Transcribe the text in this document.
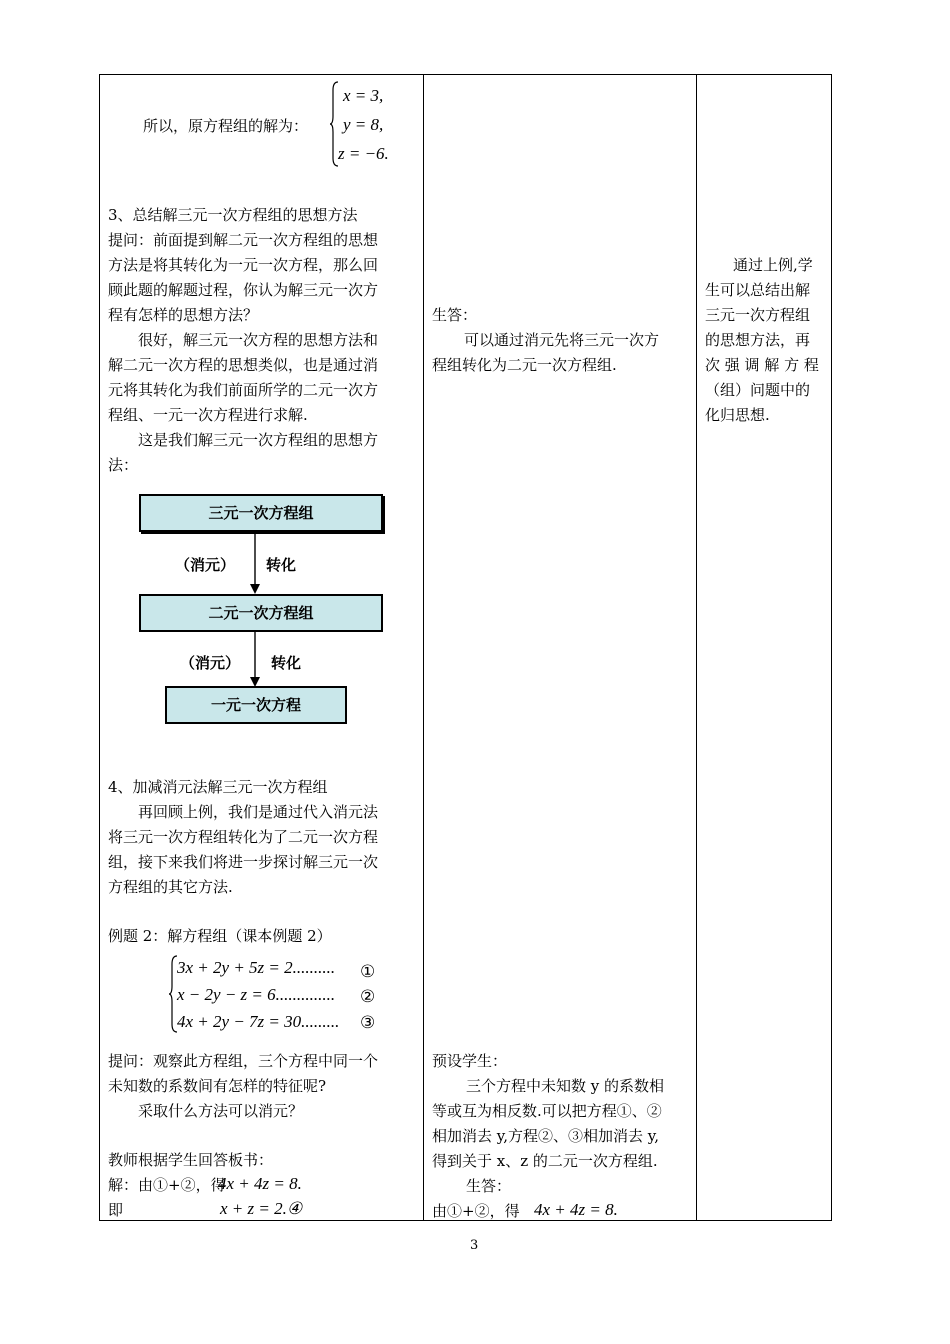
所以，原方程组的解为：
x = 3,
y = 8,
z = −6.
3、总结解三元一次方程组的思想方法
提问：前面提到解二元一次方程组的思想
方法是将其转化为一元一次方程，那么回
顾此题的解题过程，你认为解三元一次方
程有怎样的思想方法？
很好，解三元一次方程的思想方法和
解二元一次方程的思想类似，也是通过消
元将其转化为我们前面所学的二元一次方
程组、一元一次方程进行求解.
这是我们解三元一次方程组的思想方
法：
三元一次方程组
（消元） 转化
二元一次方程组
（消元） 转化
一元一次方程
4、加减消元法解三元一次方程组
再回顾上例，我们是通过代入消元法
将三元一次方程组转化为了二元一次方程
组，接下来我们将进一步探讨解三元一次
方程组的其它方法.
例题 2：解方程组（课本例题 2）
3x + 2y + 5z = 2.......... ①
x − 2y − z = 6.............. ②
4x + 2y − 7z = 30......... ③
提问：观察此方程组，三个方程中同一个
未知数的系数间有怎样的特征呢?
采取什么方法可以消元？
教师根据学生回答板书：
解：由①+②，得
4x + 4z = 8.
即	x + z = 2.④
生答：
可以通过消元先将三元一次方
程组转化为二元一次方程组.
预设学生：
三个方程中未知数 y 的系数相
等或互为相反数.可以把方程①、②
相加消去 y,方程②、③相加消去 y,
得到关于 x、z 的二元一次方程组.
生答：
由①+②，得 4x + 4z = 8.
通过上例,学
生可以总结出解
三元一次方程组
的思想方法，再
次 强 调 解 方 程
（组）问题中的
化归思想.
3
